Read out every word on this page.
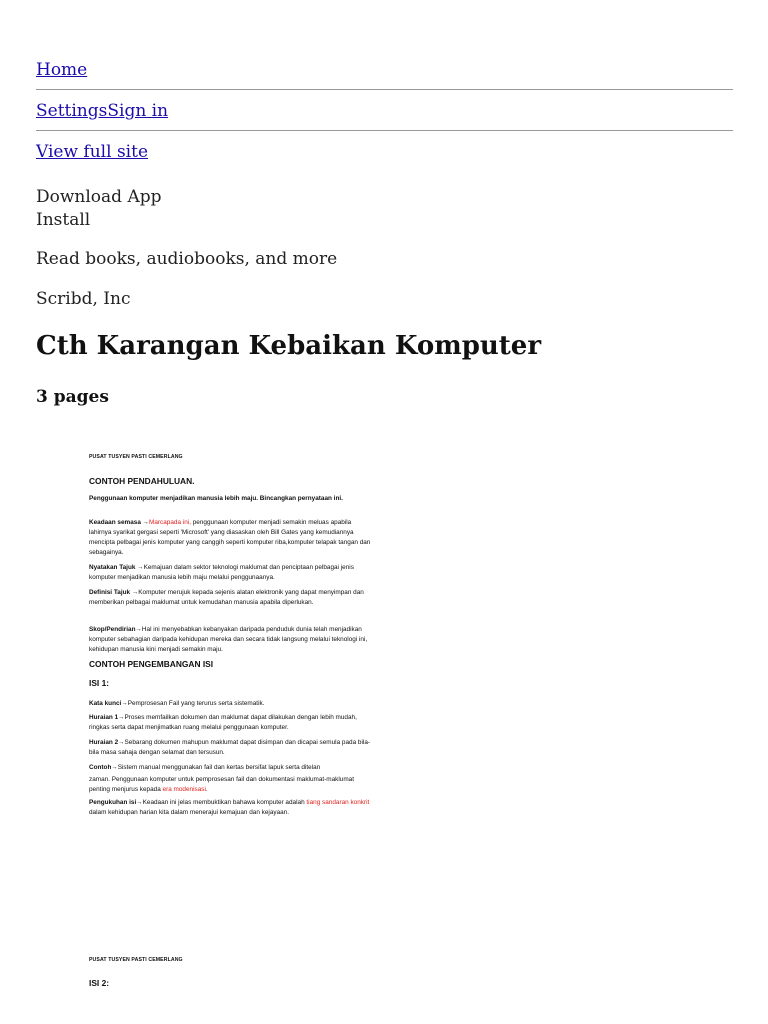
Home
SettingsSign in
View full site
Download App
Install
Read books, audiobooks, and more
Scribd, Inc
Cth Karangan Kebaikan Komputer
3 pages
PUSAT TUSYEN PASTI CEMERLANG
CONTOH PENDAHULUAN.

Penggunaan komputer menjadikan manusia lebih maju. Bincangkan pernyataan ini.

Keadaan semasa →Marcapada ini, penggunaan komputer menjadi semakin meluas apabila lahirnya syarikat gergasi seperti 'Microsoft' yang diasaskan oleh Bill Gates yang kemudiannya mencipta pelbagai jenis komputer yang canggih seperti komputer riba,komputer telapak tangan dan sebagainya.

Nyatakan Tajuk →Kemajuan dalam sektor teknologi maklumat dan penciptaan pelbagai jenis komputer menjadikan manusia lebih maju melalui penggunaanya.

Definisi Tajuk →Komputer merujuk kepada sejenis alatan elektronik yang dapat menyimpan dan memberikan pelbagai maklumat untuk kemudahan manusia apabila diperlukan.

Skop/Pendirian→Hal ini menyebabkan kebanyakan daripada penduduk dunia telah menjadikan komputer sebahagian daripada kehidupan mereka dan secara tidak langsung melalui teknologi ini, kehidupan manusia kini menjadi semakin maju.

CONTOH PENGEMBANGAN ISI
ISI 1:

Kata kunci→Pemprosesan Fail yang terurus serta sistematik.

Huraian 1→Proses memfailkan dokumen dan maklumat dapat dilakukan dengan lebih mudah, ringkas serta dapat menjimatkan ruang melalui penggunaan komputer.

Huraian 2→Sebarang dokumen mahupun maklumat dapat disimpan dan dicapai semula pada bila-bila masa sahaja dengan selamat dan tersusun.

Contoh→Sistem manual menggunakan fail dan kertas bersifat lapuk serta ditelan

zaman. Penggunaan komputer untuk pemprosesan fail dan dokumentasi maklumat-maklumat penting menjurus kepada era modenisasi.

Pengukuhan isi→Keadaan ini jelas membuktikan bahawa komputer adalah tiang sandaran konkrit dalam kehidupan harian kita dalam menerajui kemajuan dan kejayaan.

PUSAT TUSYEN PASTI CEMERLANG
ISI 2:
